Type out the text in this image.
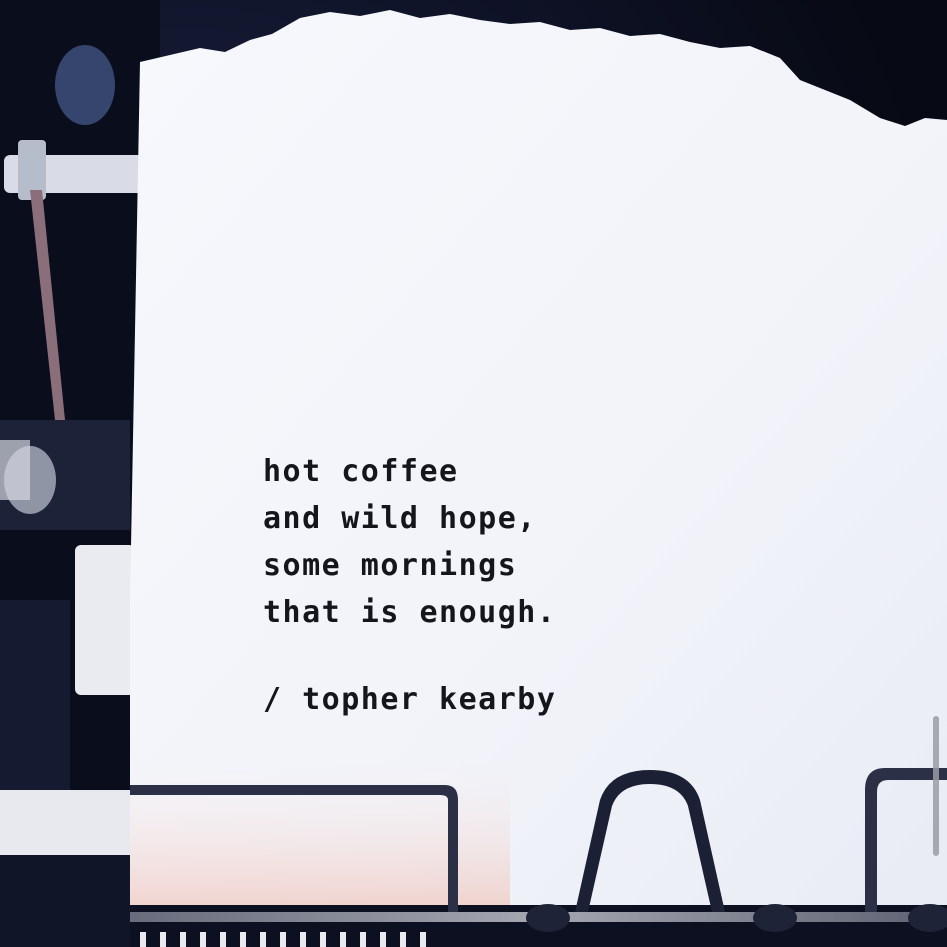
hot coffee
and wild hope,
some mornings
that is enough.
/ topher kearby
